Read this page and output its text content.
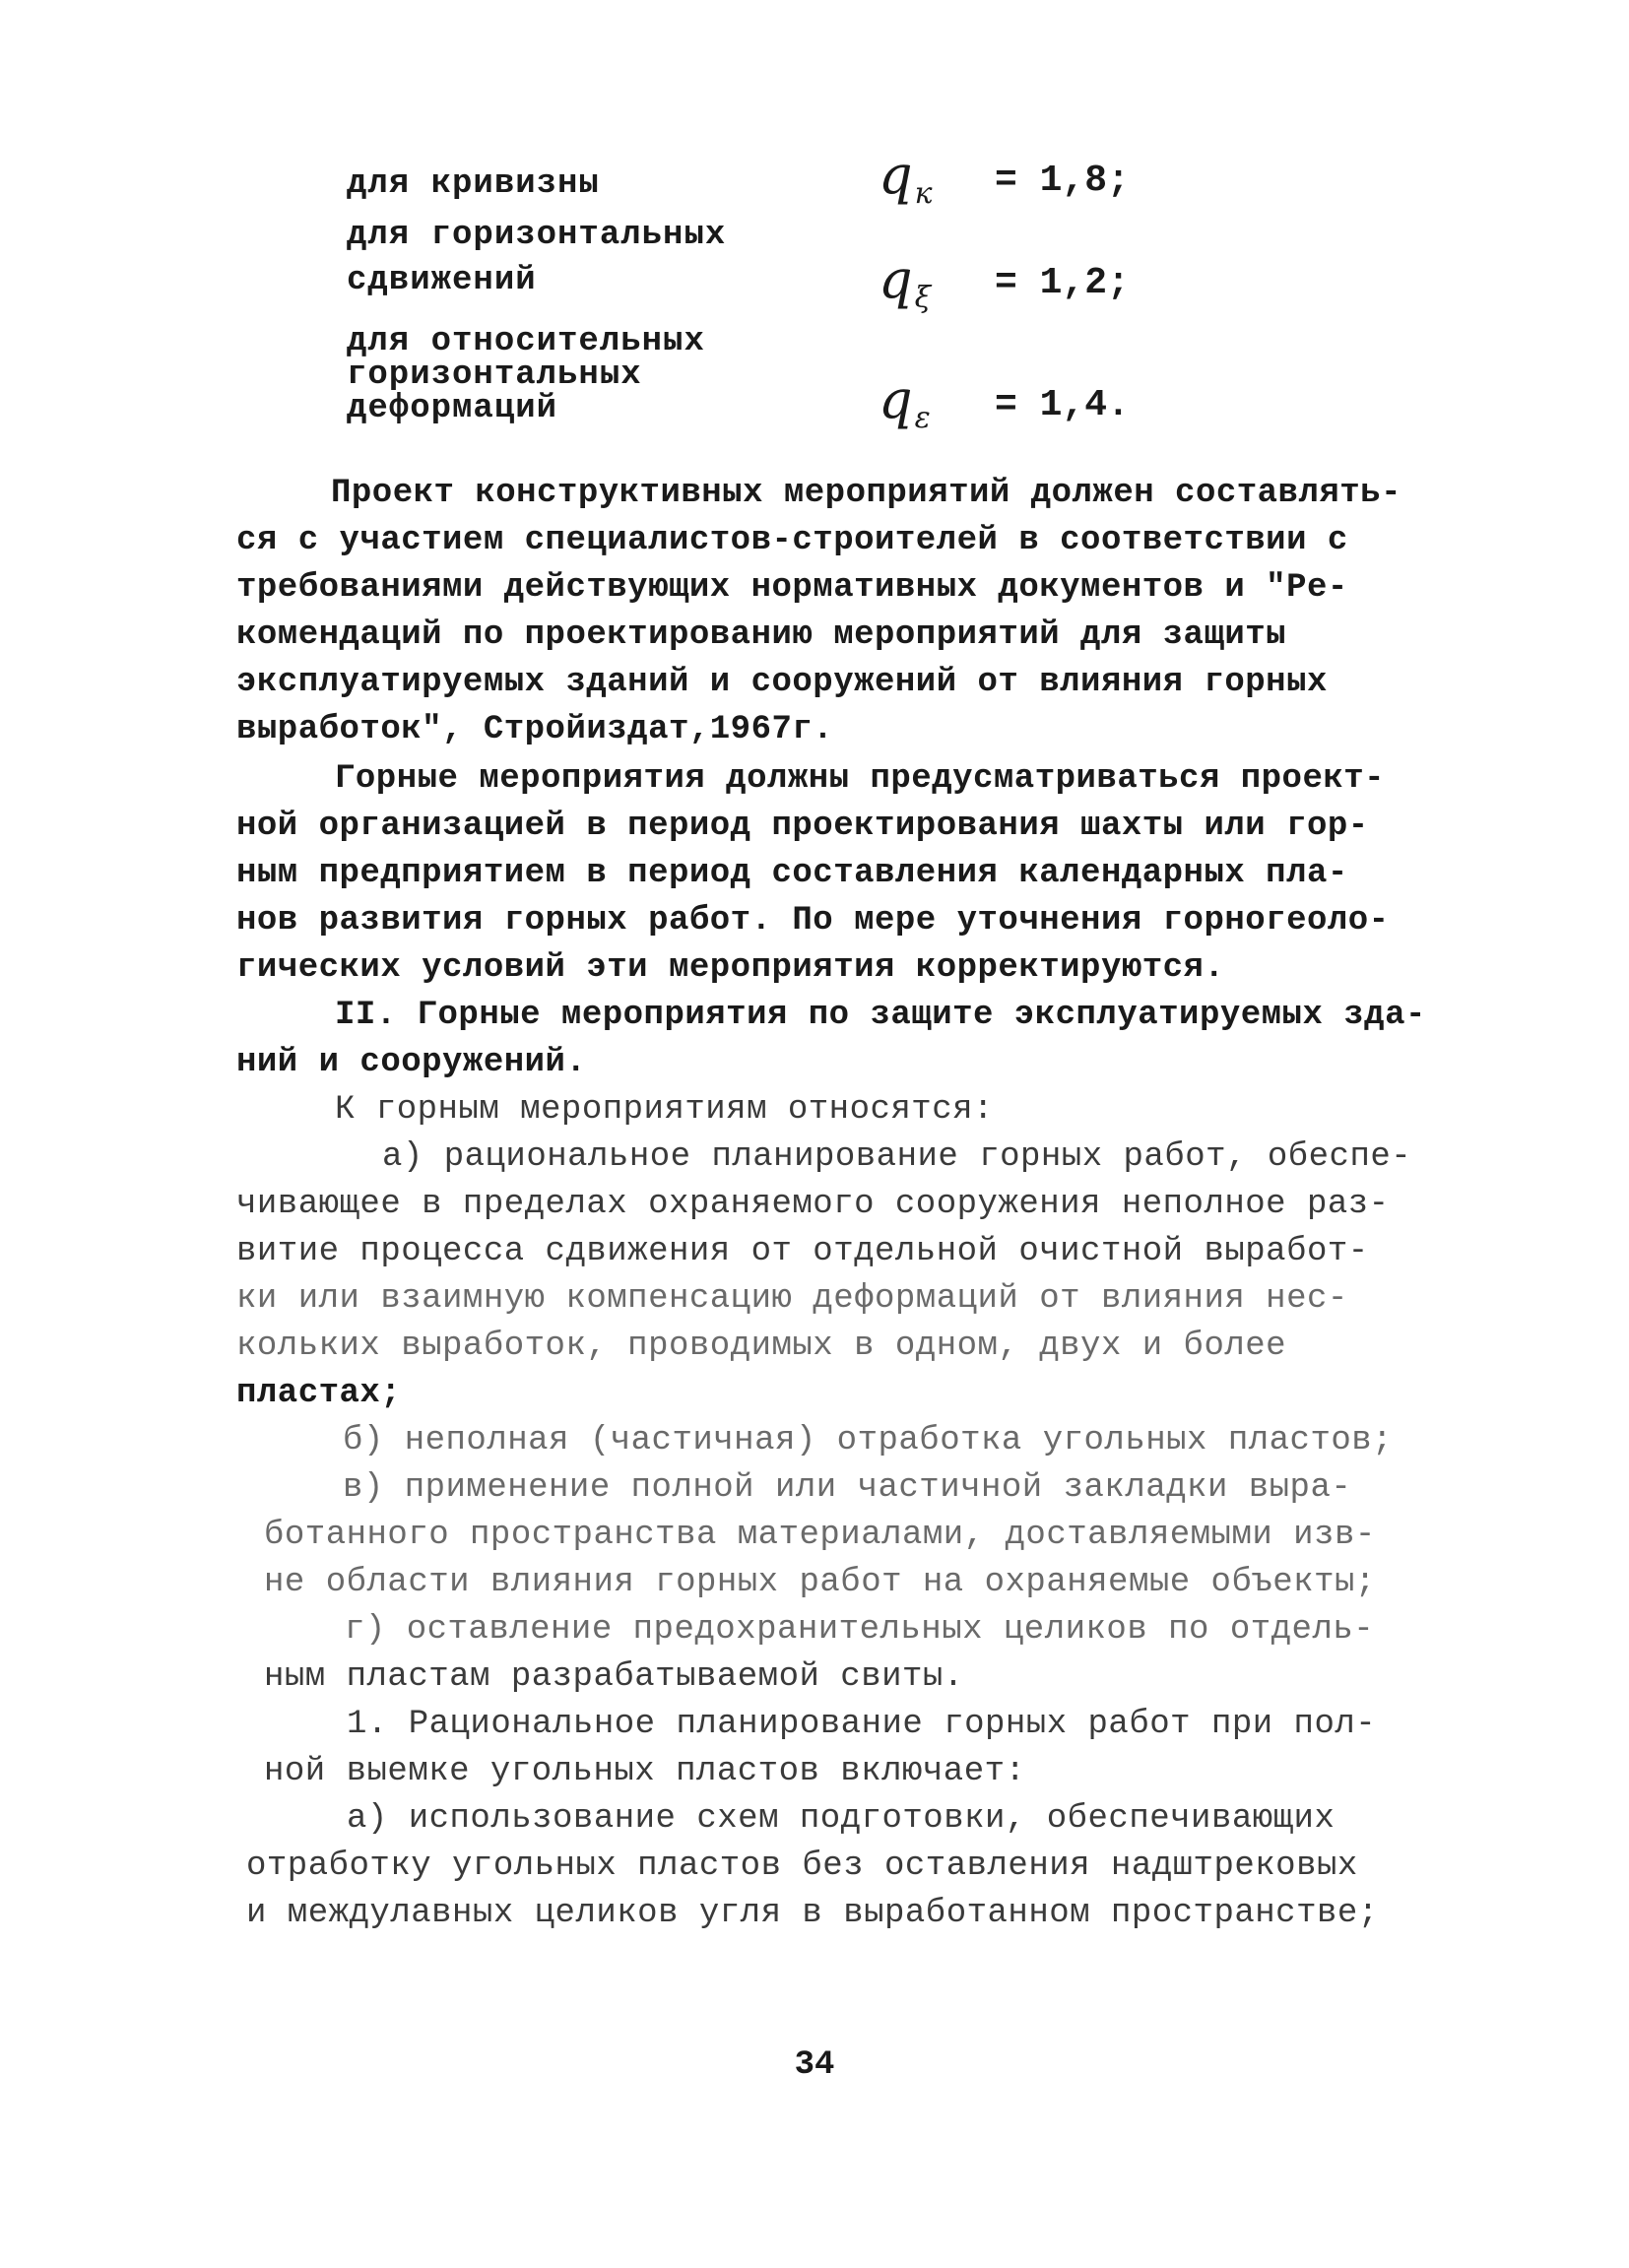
для кривизны	$q_к = 1,8$;
для горизонтальных
сдвижений	$q_\xi = 1,2$;
для относительных
горизонтальных
деформаций	$q_\varepsilon = 1,4$.
Проект конструктивных мероприятий должен составлять-
ся с участием специалистов-строителей в соответствии с
требованиями действующих нормативных документов и "Ре-
комендаций по проектированию мероприятий для защиты
эксплуатируемых зданий и сооружений от влияния горных
выработок", Стройиздат,1967г.
Горные мероприятия должны предусматриваться проект-
ной организацией в период проектирования шахты или гор-
ным предприятием в период составления календарных пла-
нов развития горных работ. По мере уточнения горногеоло-
гических условий эти мероприятия корректируются.
II. Горные мероприятия по защите эксплуатируемых зда-
ний и сооружений.
К горным мероприятиям относятся:
а) рациональное планирование горных работ, обеспе-
чивающее в пределах охраняемого сооружения неполное раз-
витие процесса сдвижения от отдельной очистной выработ-
ки или взаимную компенсацию деформаций от влияния нес-
кольких выработок, проводимых в одном, двух и более
пластах;
б) неполная (частичная) отработка угольных пластов;
в) применение полной или частичной закладки выра-
ботанного пространства материалами, доставляемыми изв-
не области влияния горных работ на охраняемые объекты;
г) оставление предохранительных целиков по отдель-
ным пластам разрабатываемой свиты.
1. Рациональное планирование горных работ при пол-
ной выемке угольных пластов включает:
а) использование схем подготовки, обеспечивающих
отработку угольных пластов без оставления надштрековых
и междулавных целиков угля в выработанном пространстве;
34
